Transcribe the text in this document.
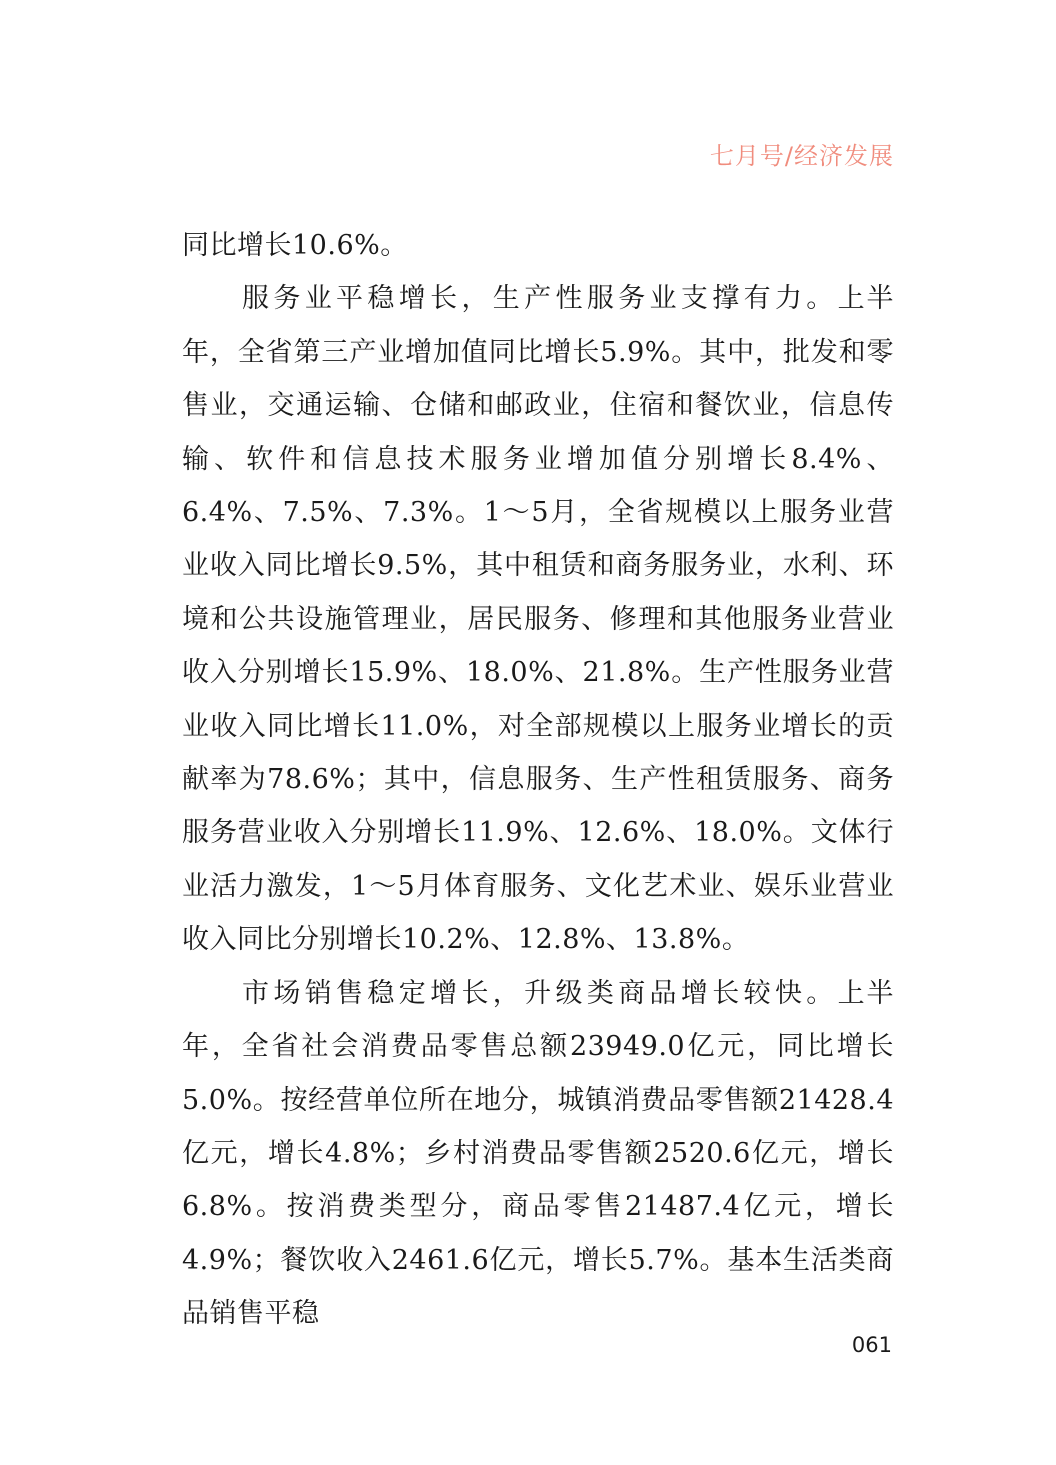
七月号/经济发展

同比增长10.6%。

服务业平稳增长，生产性服务业支撑有力。上半年，全省第三产业增加值同比增长5.9%。其中，批发和零售业，交通运输、仓储和邮政业，住宿和餐饮业，信息传输、软件和信息技术服务业增加值分别增长8.4%、6.4%、7.5%、7.3%。1～5月，全省规模以上服务业营业收入同比增长9.5%，其中租赁和商务服务业，水利、环境和公共设施管理业，居民服务、修理和其他服务业营业收入分别增长15.9%、18.0%、21.8%。生产性服务业营业收入同比增长11.0%，对全部规模以上服务业增长的贡献率为78.6%；其中，信息服务、生产性租赁服务、商务服务营业收入分别增长11.9%、12.6%、18.0%。文体行业活力激发，1～5月体育服务、文化艺术业、娱乐业营业收入同比分别增长10.2%、12.8%、13.8%。

市场销售稳定增长，升级类商品增长较快。上半年，全省社会消费品零售总额23949.0亿元，同比增长5.0%。按经营单位所在地分，城镇消费品零售额21428.4亿元，增长4.8%；乡村消费品零售额2520.6亿元，增长6.8%。按消费类型分，商品零售21487.4亿元，增长4.9%；餐饮收入2461.6亿元，增长5.7%。基本生活类商品销售平稳

061
